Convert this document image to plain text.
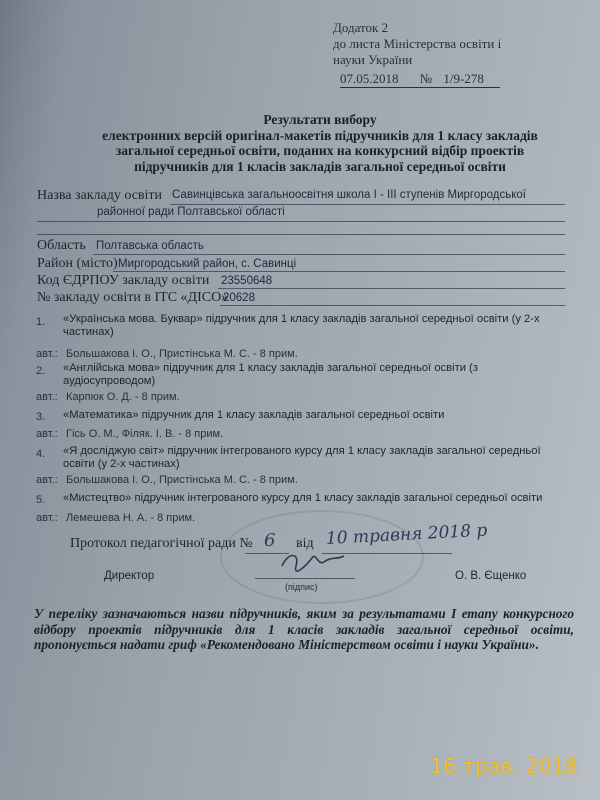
Додаток 2
до листа Міністерства освіти і
науки України
07.05.2018 № 1/9-278
Результати вибору
електронних версій оригінал-макетів підручників для 1 класу закладів
загальної середньої освіти, поданих на конкурсний відбір проектів
підручників для 1 класів закладів загальної середньої освіти
Назва закладу освіти Савинцівська загальноосвітня школа І - ІІІ ступенів Миргородської
районної ради Полтавської області
Область Полтавська область
Район (місто) Миргородський район, с. Савинці
Код ЄДРПОУ закладу освіти 23550648
№ закладу освіти в ІТС «ДІСО»
20628
1. «Українська мова. Буквар» підручник для 1 класу закладів загальної середньої освіти (у 2-х
частинах)
авт.: Большакова І. О., Пристінська М. С. - 8 прим.
2. «Англійська мова» підручник для 1 класу закладів загальної середньої освіти (з
аудіосупроводом)
авт.: Карпюк О. Д. - 8 прим.
3. «Математика» підручник для 1 класу закладів загальної середньої освіти
авт.: Гісь О. М., Філяк. І. В. - 8 прим.
4. «Я досліджую світ» підручник інтегрованого курсу для 1 класу закладів загальної середньої
освіти (у 2-х частинах)
авт.: Большакова І. О., Пристінська М. С. - 8 прим.
5. «Мистецтво» підручник інтегрованого курсу для 1 класу закладів загальної середньої освіти
авт.: Лемешева Н. А. - 8 прим.
Протокол педагогічної ради № 6 від 10 травня 2018 р
Директор
(підпис)
О. В. Єщенко
У переліку зазначаються назви підручників, яким за результатами І етапу конкурсного відбору проектів підручників для 1 класів закладів загальної середньої освіти, пропонується надати гриф «Рекомендовано Міністерством освіти і науки України».
16 трав. 2018
